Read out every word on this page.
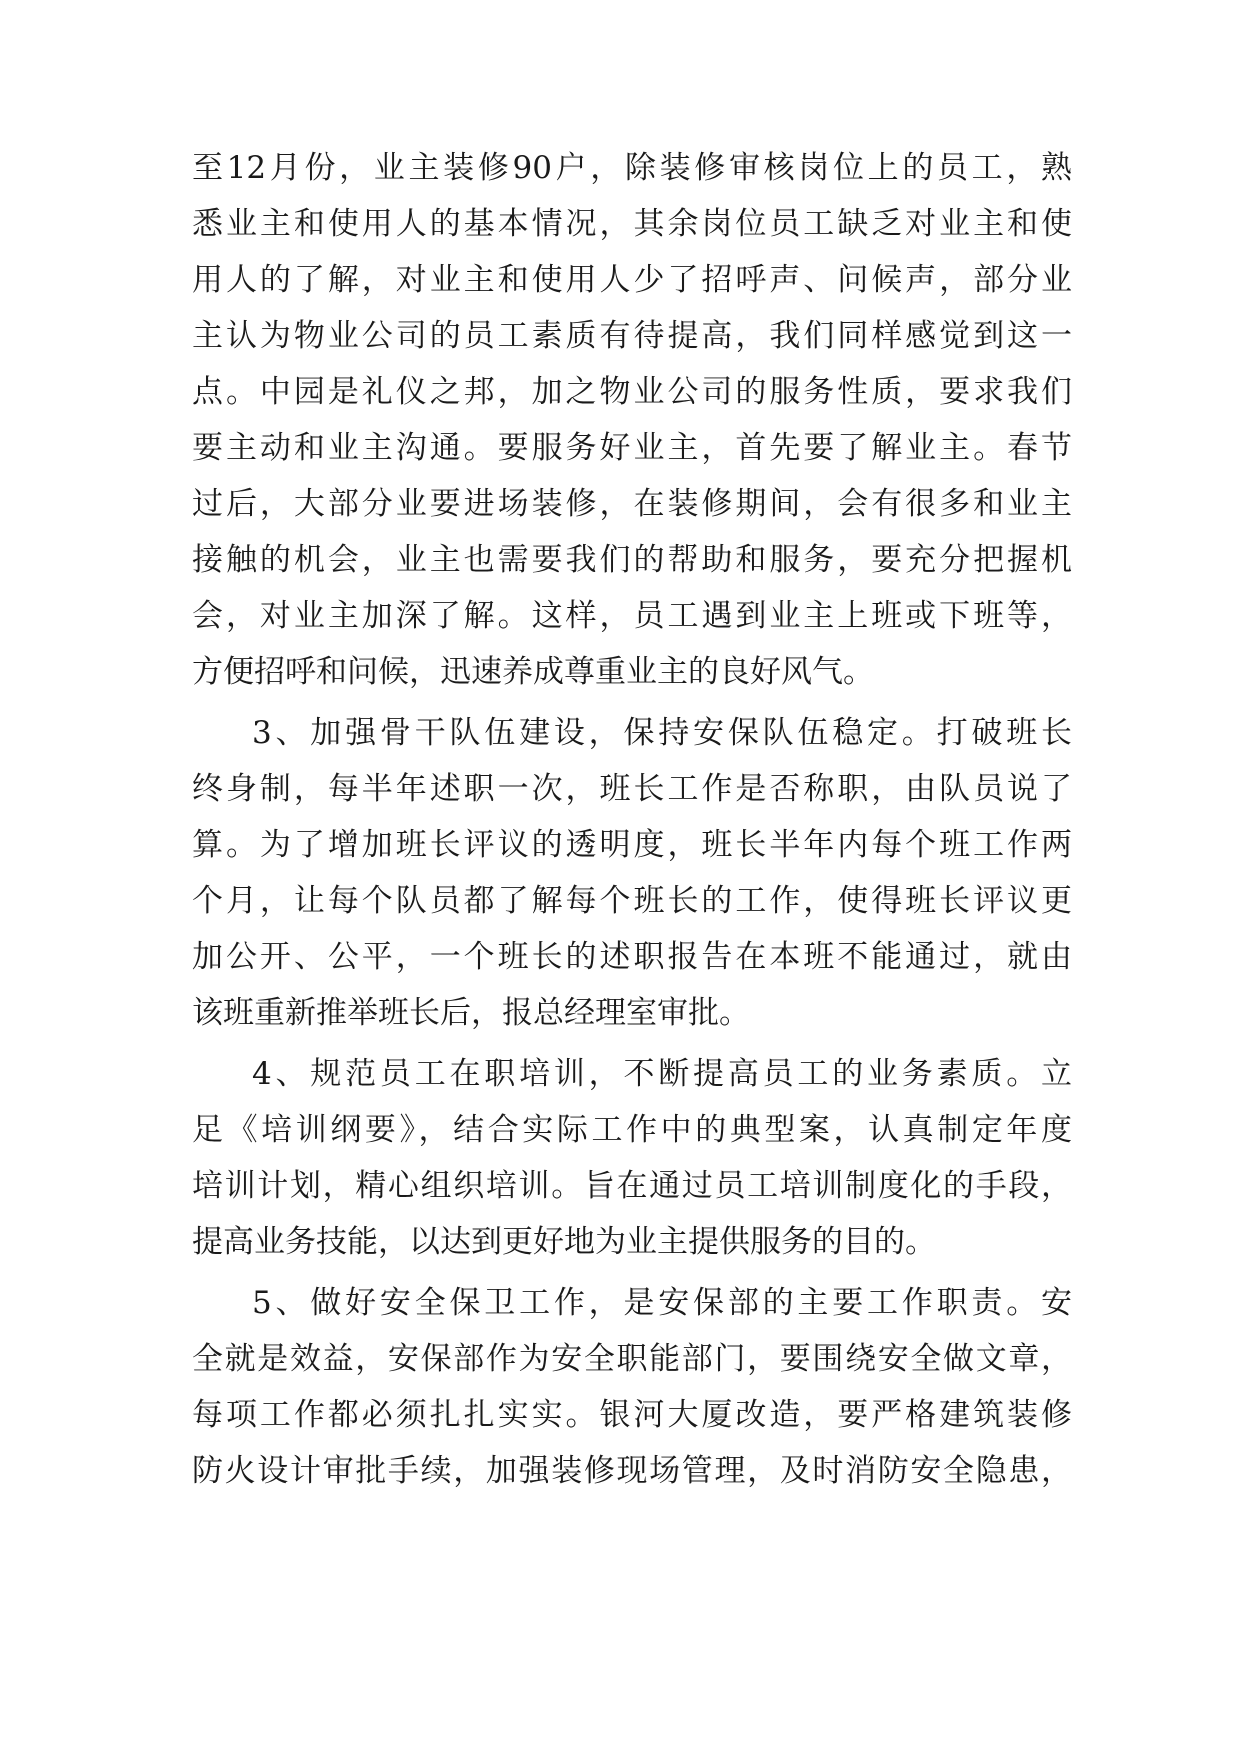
至12月份，业主装修90户，除装修审核岗位上的员工，熟
悉业主和使用人的基本情况，其余岗位员工缺乏对业主和使
用人的了解，对业主和使用人少了招呼声、问候声，部分业
主认为物业公司的员工素质有待提高，我们同样感觉到这一
点。中园是礼仪之邦，加之物业公司的服务性质，要求我们
要主动和业主沟通。要服务好业主，首先要了解业主。春节
过后，大部分业要进场装修，在装修期间，会有很多和业主
接触的机会，业主也需要我们的帮助和服务，要充分把握机
会，对业主加深了解。这样，员工遇到业主上班或下班等，
方便招呼和问候，迅速养成尊重业主的良好风气。
3、加强骨干队伍建设，保持安保队伍稳定。打破班长
终身制，每半年述职一次，班长工作是否称职，由队员说了
算。为了增加班长评议的透明度，班长半年内每个班工作两
个月，让每个队员都了解每个班长的工作，使得班长评议更
加公开、公平，一个班长的述职报告在本班不能通过，就由
该班重新推举班长后，报总经理室审批。
4、规范员工在职培训，不断提高员工的业务素质。立
足《培训纲要》，结合实际工作中的典型案，认真制定年度
培训计划，精心组织培训。旨在通过员工培训制度化的手段，
提高业务技能，以达到更好地为业主提供服务的目的。
5、做好安全保卫工作，是安保部的主要工作职责。安
全就是效益，安保部作为安全职能部门，要围绕安全做文章，
每项工作都必须扎扎实实。银河大厦改造，要严格建筑装修
防火设计审批手续，加强装修现场管理，及时消防安全隐患，
